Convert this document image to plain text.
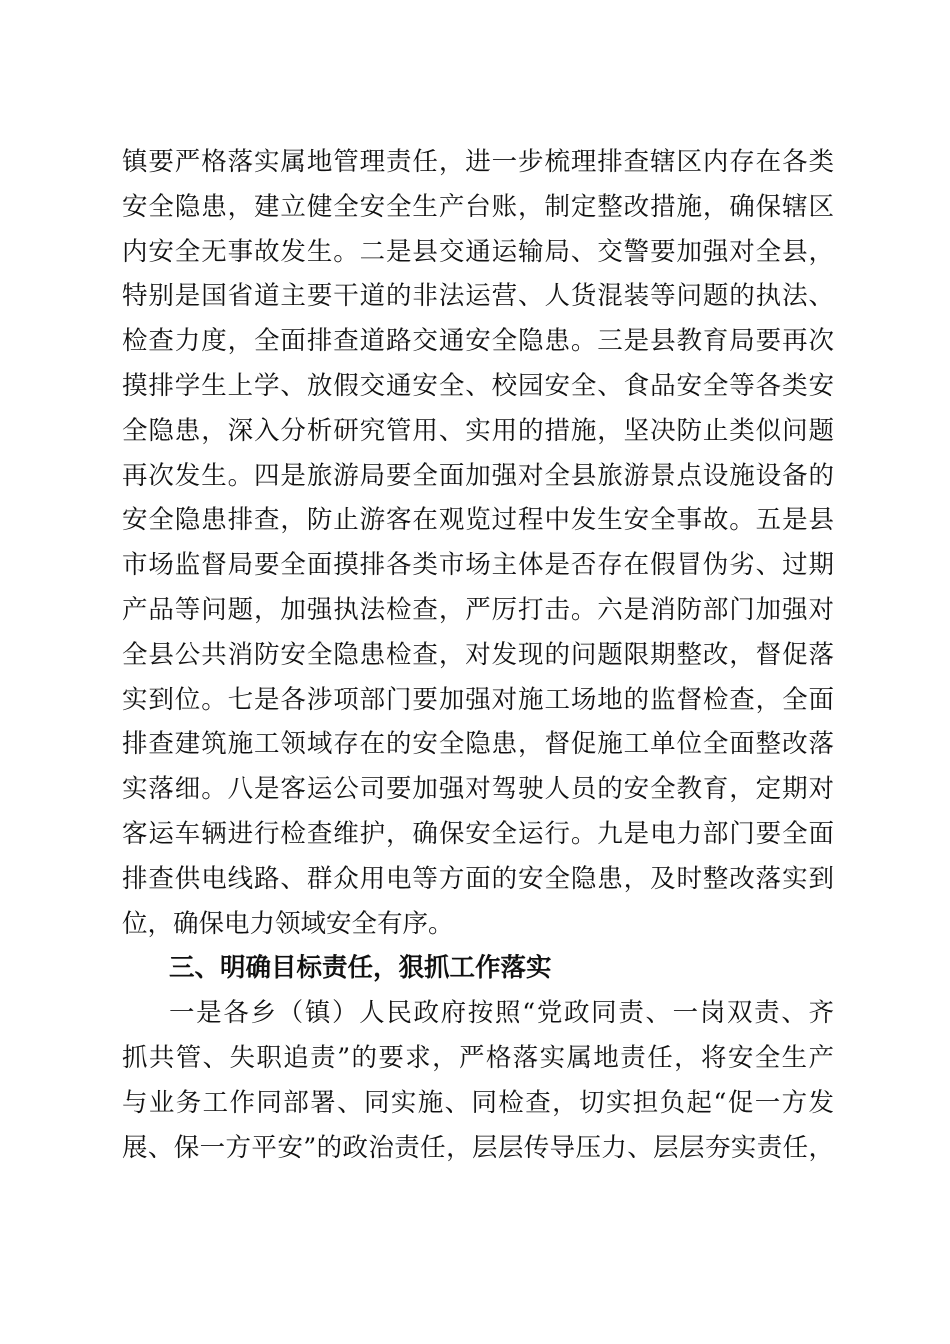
镇要严格落实属地管理责任，进一步梳理排查辖区内存在各类
安全隐患，建立健全安全生产台账，制定整改措施，确保辖区
内安全无事故发生。二是县交通运输局、交警要加强对全县，
特别是国省道主要干道的非法运营、人货混装等问题的执法、
检查力度，全面排查道路交通安全隐患。三是县教育局要再次
摸排学生上学、放假交通安全、校园安全、食品安全等各类安
全隐患，深入分析研究管用、实用的措施，坚决防止类似问题
再次发生。四是旅游局要全面加强对全县旅游景点设施设备的
安全隐患排查，防止游客在观览过程中发生安全事故。五是县
市场监督局要全面摸排各类市场主体是否存在假冒伪劣、过期
产品等问题，加强执法检查，严厉打击。六是消防部门加强对
全县公共消防安全隐患检查，对发现的问题限期整改，督促落
实到位。七是各涉项部门要加强对施工场地的监督检查，全面
排查建筑施工领域存在的安全隐患，督促施工单位全面整改落
实落细。八是客运公司要加强对驾驶人员的安全教育，定期对
客运车辆进行检查维护，确保安全运行。九是电力部门要全面
排查供电线路、群众用电等方面的安全隐患，及时整改落实到
位，确保电力领域安全有序。
三、明确目标责任，狠抓工作落实
一是各乡（镇）人民政府按照“党政同责、一岗双责、齐
抓共管、失职追责”的要求，严格落实属地责任，将安全生产
与业务工作同部署、同实施、同检查，切实担负起“促一方发
展、保一方平安”的政治责任，层层传导压力、层层夯实责任，
